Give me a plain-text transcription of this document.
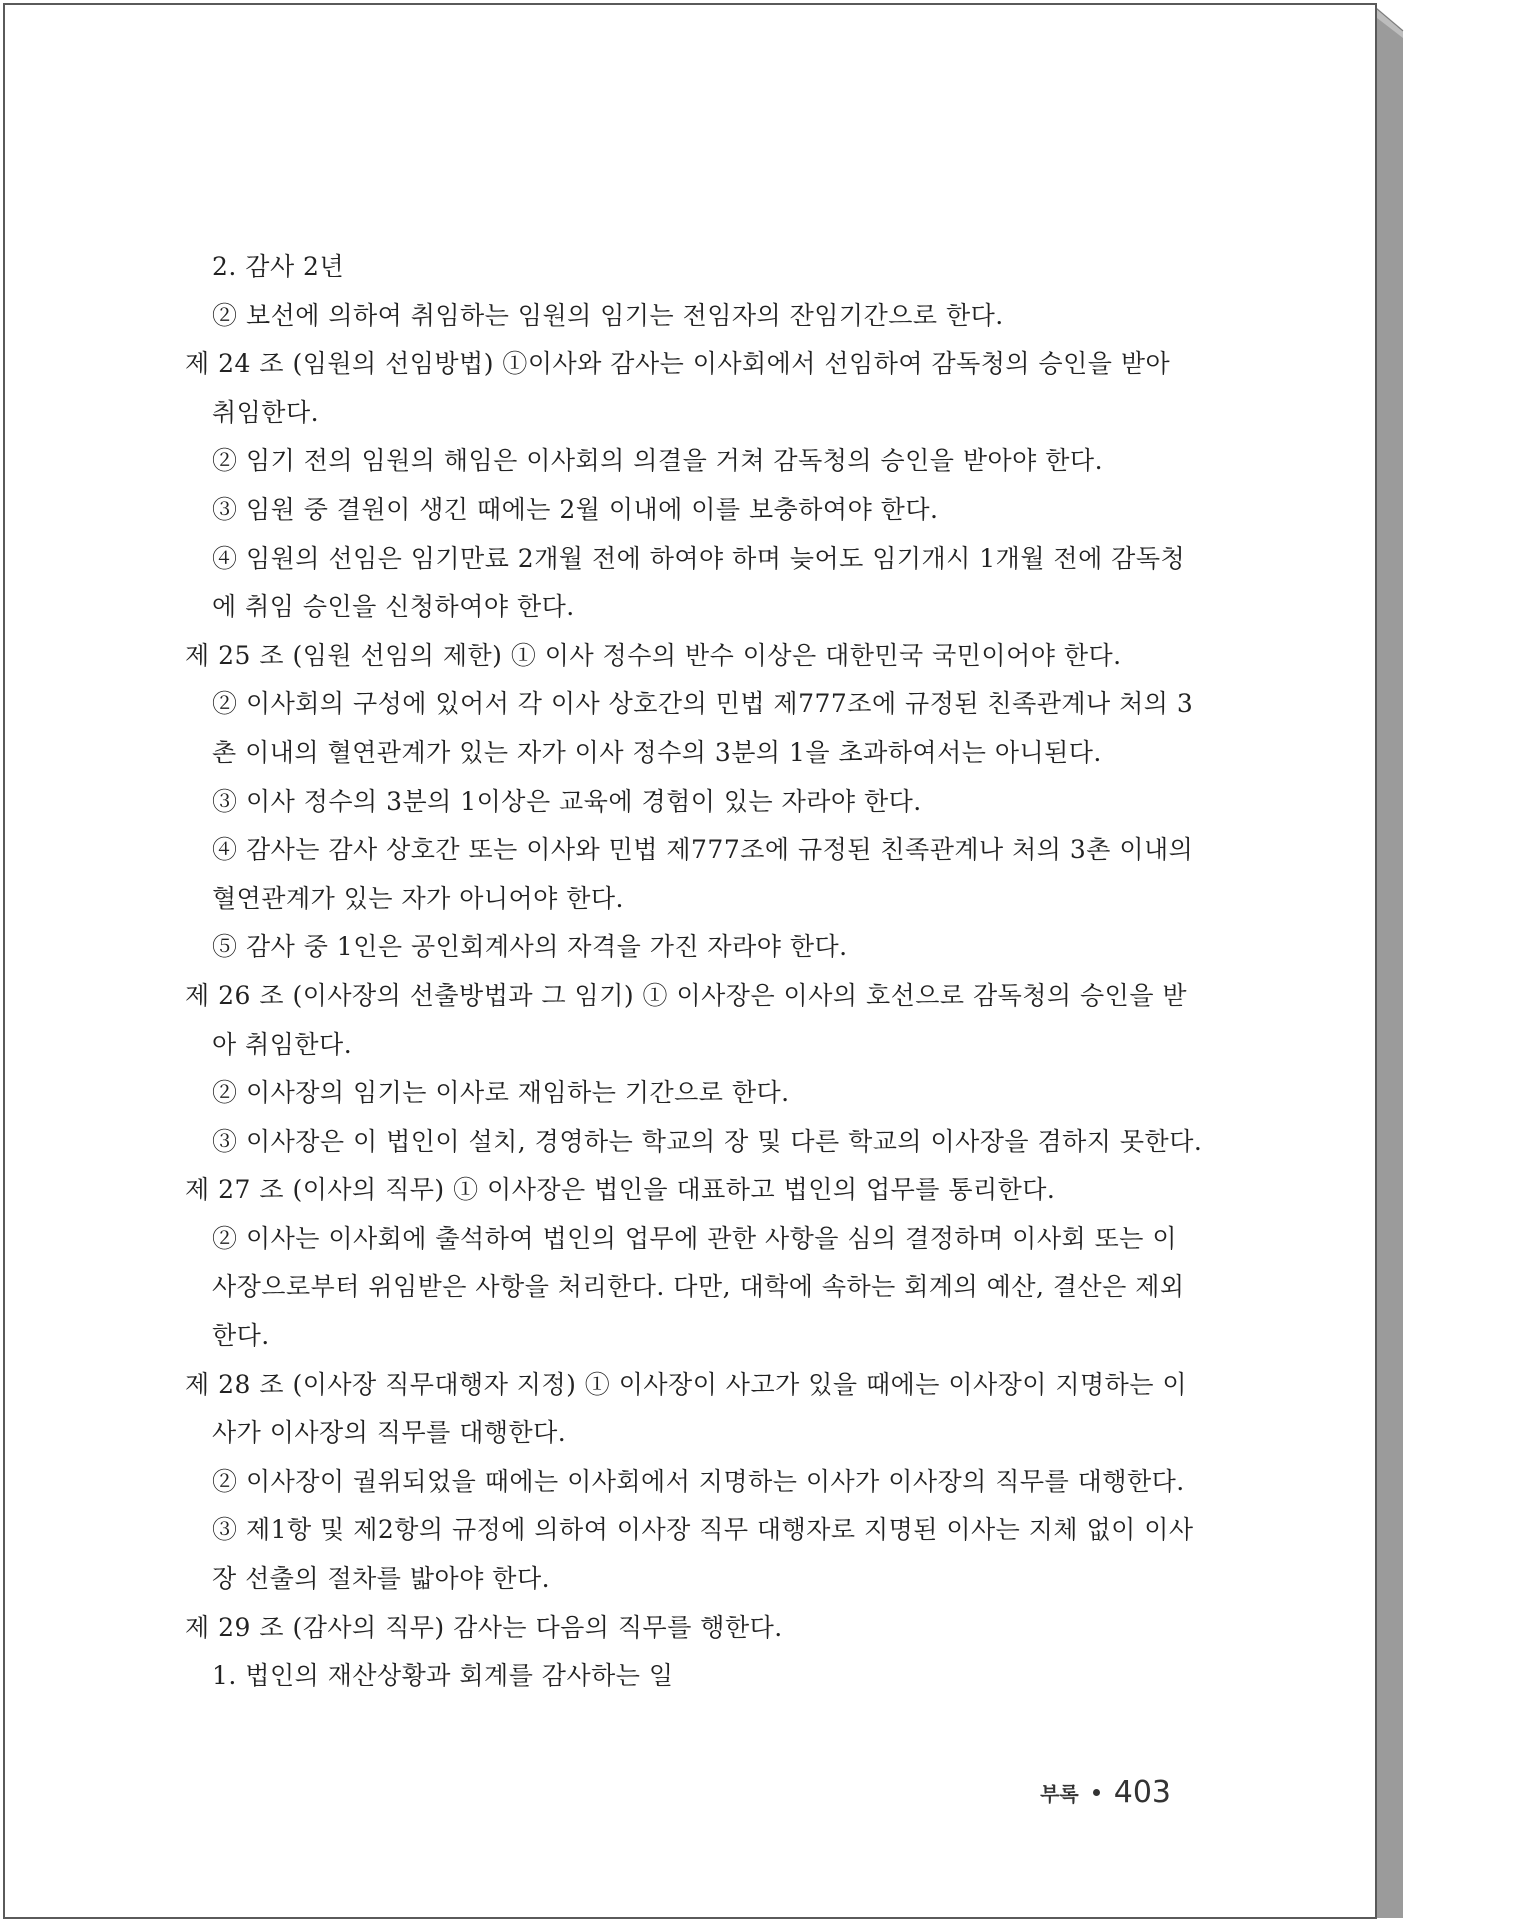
2. 감사 2년
② 보선에 의하여 취임하는 임원의 임기는 전임자의 잔임기간으로 한다.
제 24 조 (임원의 선임방법) ①이사와 감사는 이사회에서 선임하여 감독청의 승인을 받아
취임한다.
② 임기 전의 임원의 해임은 이사회의 의결을 거쳐 감독청의 승인을 받아야 한다.
③ 임원 중 결원이 생긴 때에는 2월 이내에 이를 보충하여야 한다.
④ 임원의 선임은 임기만료 2개월 전에 하여야 하며 늦어도 임기개시 1개월 전에 감독청
에 취임 승인을 신청하여야 한다.
제 25 조 (임원 선임의 제한) ① 이사 정수의 반수 이상은 대한민국 국민이어야 한다.
② 이사회의 구성에 있어서 각 이사 상호간의 민법 제777조에 규정된 친족관계나 처의 3
촌 이내의 혈연관계가 있는 자가 이사 정수의 3분의 1을 초과하여서는 아니된다.
③ 이사 정수의 3분의 1이상은 교육에 경험이 있는 자라야 한다.
④ 감사는 감사 상호간 또는 이사와 민법 제777조에 규정된 친족관계나 처의 3촌 이내의
혈연관계가 있는 자가 아니어야 한다.
⑤ 감사 중 1인은 공인회계사의 자격을 가진 자라야 한다.
제 26 조 (이사장의 선출방법과 그 임기) ① 이사장은 이사의 호선으로 감독청의 승인을 받
아 취임한다.
② 이사장의 임기는 이사로 재임하는 기간으로 한다.
③ 이사장은 이 법인이 설치, 경영하는 학교의 장 및 다른 학교의 이사장을 겸하지 못한다.
제 27 조 (이사의 직무) ① 이사장은 법인을 대표하고 법인의 업무를 통리한다.
② 이사는 이사회에 출석하여 법인의 업무에 관한 사항을 심의 결정하며 이사회 또는 이
사장으로부터 위임받은 사항을 처리한다. 다만, 대학에 속하는 회계의 예산, 결산은 제외
한다.
제 28 조 (이사장 직무대행자 지정) ① 이사장이 사고가 있을 때에는 이사장이 지명하는 이
사가 이사장의 직무를 대행한다.
② 이사장이 궐위되었을 때에는 이사회에서 지명하는 이사가 이사장의 직무를 대행한다.
③ 제1항 및 제2항의 규정에 의하여 이사장 직무 대행자로 지명된 이사는 지체 없이 이사
장 선출의 절차를 밟아야 한다.
제 29 조 (감사의 직무) 감사는 다음의 직무를 행한다.
1. 법인의 재산상황과 회계를 감사하는 일
부록 403
